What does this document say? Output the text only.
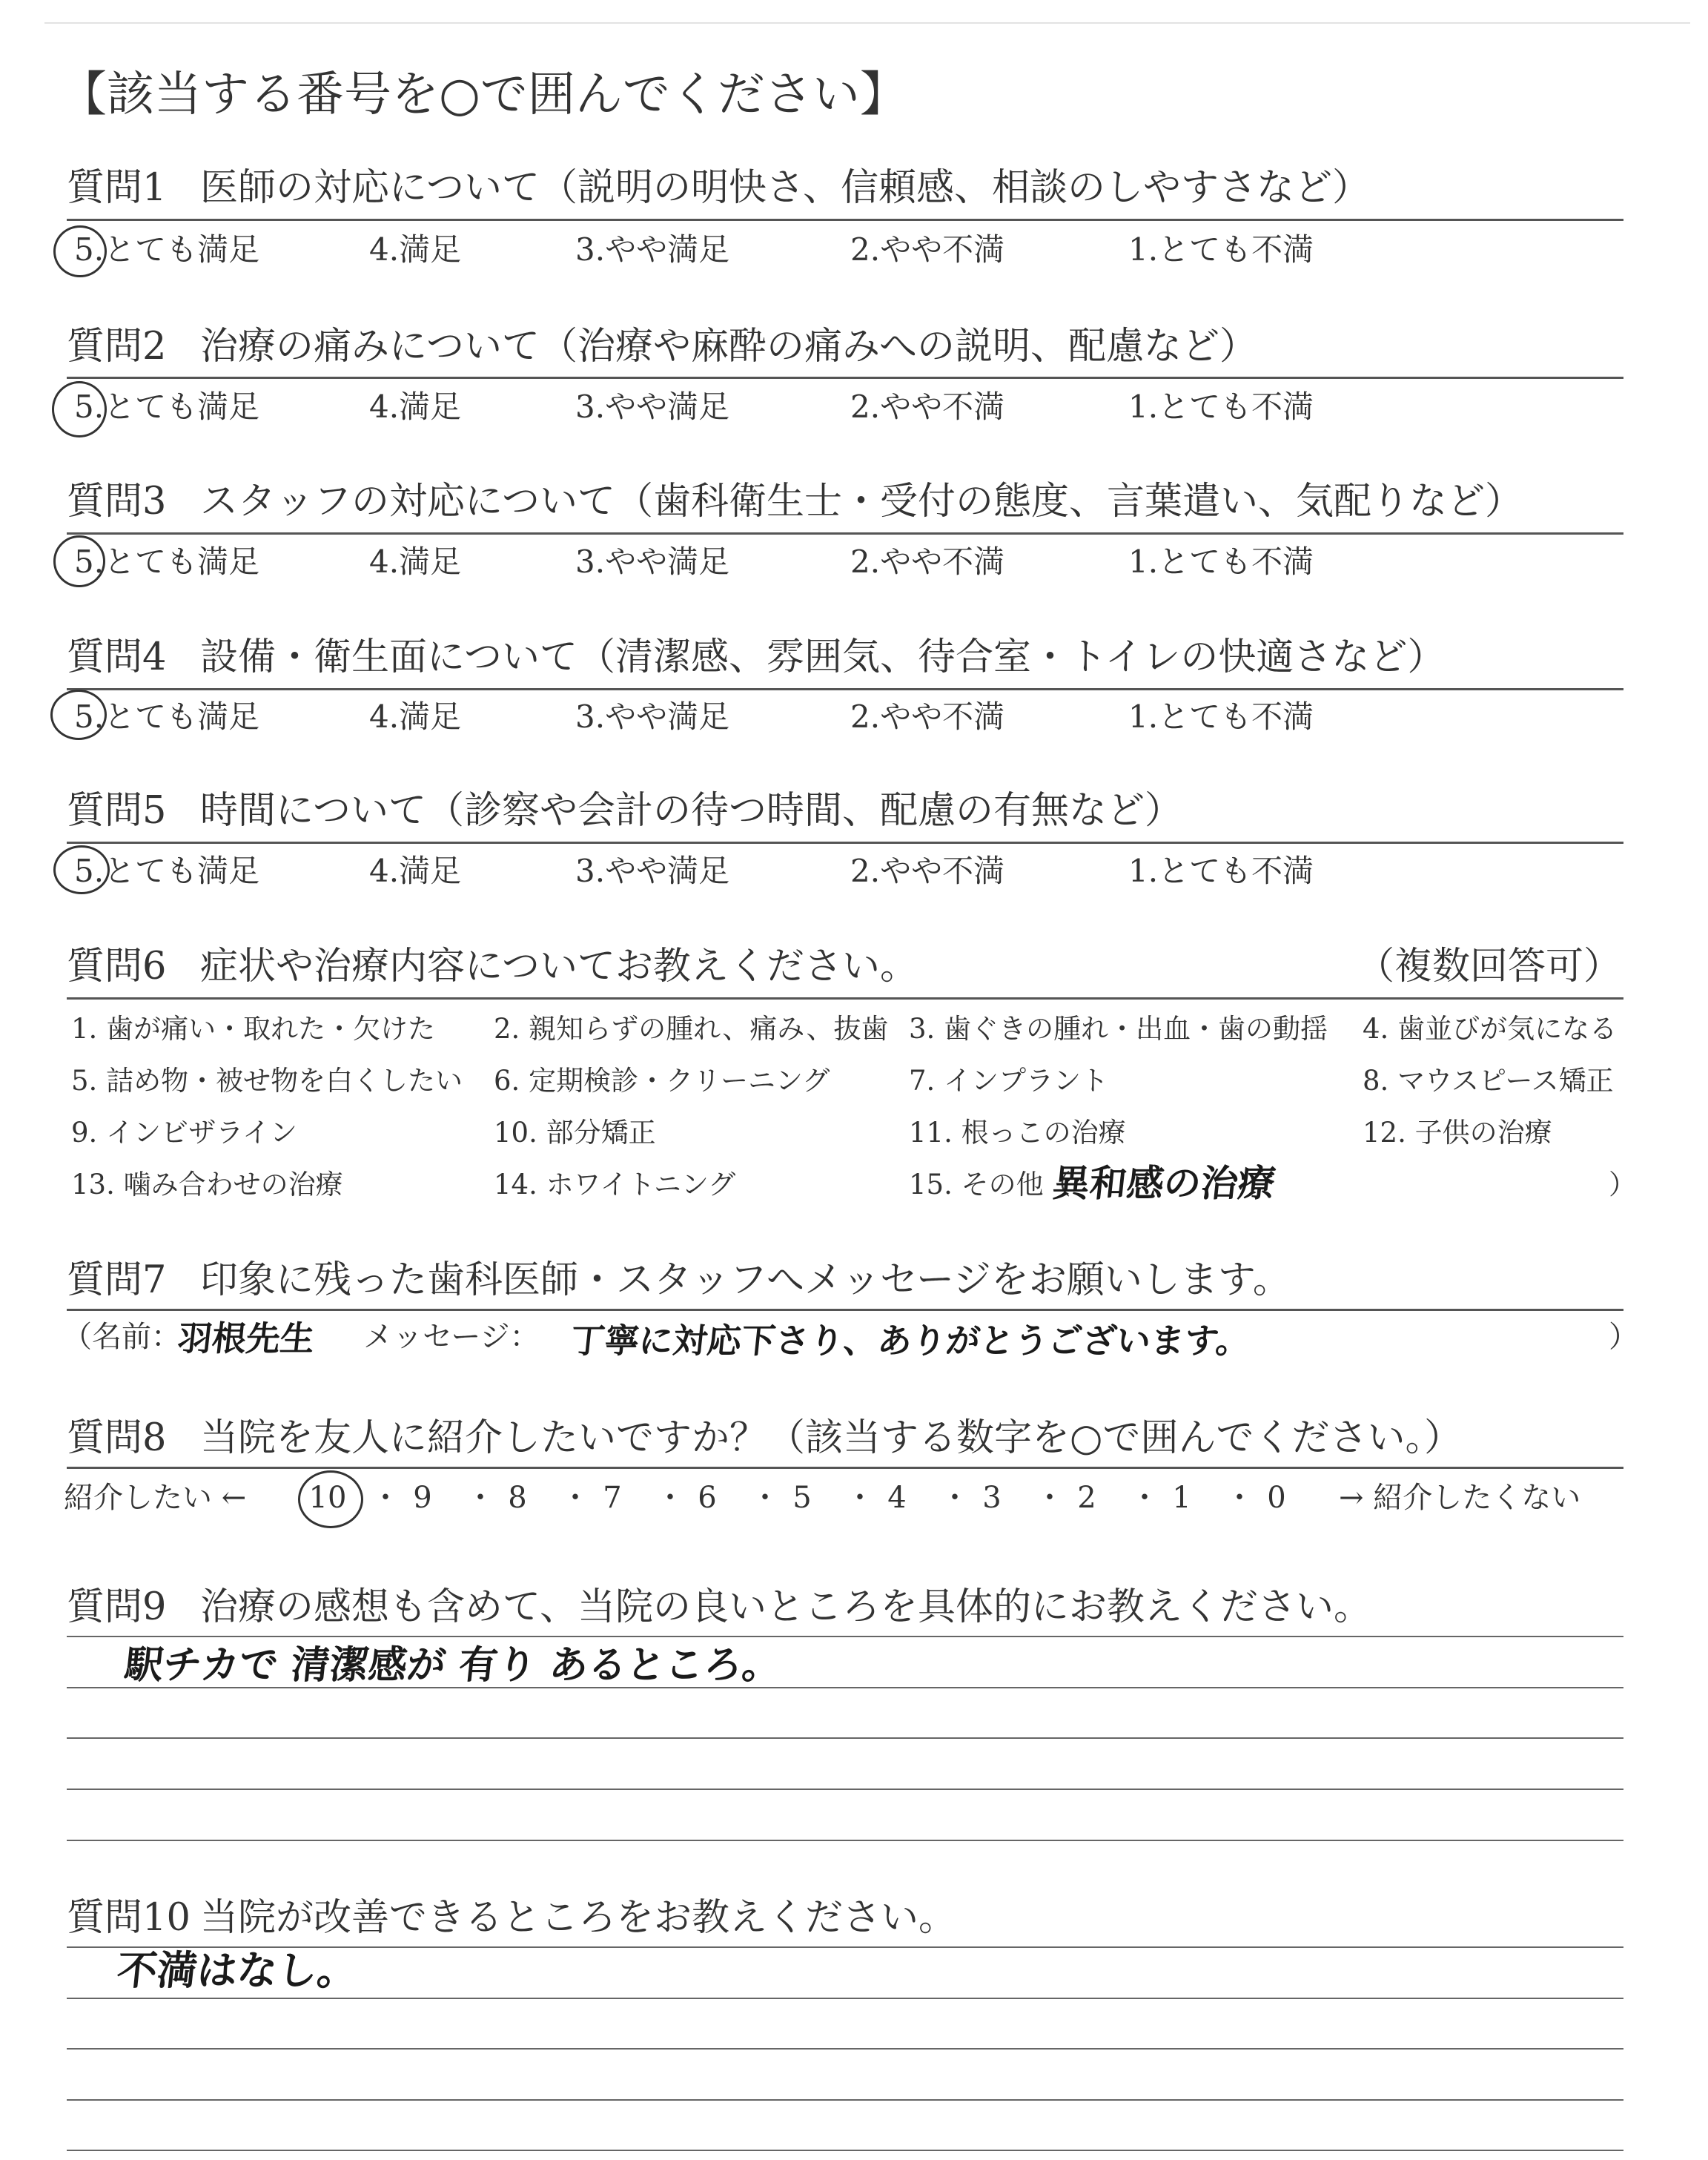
【該当する番号を○で囲んでください】
質問1 医師の対応について（説明の明快さ、信頼感、相談のしやすさなど）
5.とても満足	4.満足	3.やや満足	2.やや不満	1.とても不満
質問2 治療の痛みについて（治療や麻酔の痛みへの説明、配慮など）
5.とても満足	4.満足	3.やや満足	2.やや不満	1.とても不満
質問3 スタッフの対応について（歯科衛生士・受付の態度、言葉遣い、気配りなど）
5.とても満足	4.満足	3.やや満足	2.やや不満	1.とても不満
質問4 設備・衛生面について（清潔感、雰囲気、待合室・トイレの快適さなど）
5.とても満足	4.満足	3.やや満足	2.やや不満	1.とても不満
質問5 時間について（診察や会計の待つ時間、配慮の有無など）
5.とても満足	4.満足	3.やや満足	2.やや不満	1.とても不満
質問6 症状や治療内容についてお教えください。	（複数回答可）
1. 歯が痛い・取れた・欠けた 2. 親知らずの腫れ、痛み、抜歯 3. 歯ぐきの腫れ・出血・歯の動揺 4. 歯並びが気になる
5. 詰め物・被せ物を白くしたい 6. 定期検診・クリーニング	7. インプラント	8. マウスピース矯正
9. インビザライン	10. 部分矯正	11. 根っこの治療	12. 子供の治療
13. 噛み合わせの治療	14. ホワイトニング	15. その他（
異和感の治療	）
質問7 印象に残った歯科医師・スタッフへメッセージをお願いします。
（名前：
羽根先生 メッセージ： 丁寧に対応下さり、ありがとうございます。	）
質問8 当院を友人に紹介したいですか？（該当する数字を○で囲んでください。）
紹介したい ←	→ 紹介したくない
10 ・ 9	・ 8	・ 7	・ 6	・ 5	・ 4	・ 3	・ 2	・ 1	・ 0
質問9 治療の感想も含めて、当院の良いところを具体的にお教えください。
駅チカで 清潔感が 有り あるところ。
質問10 当院が改善できるところをお教えください。
不満はなし。
